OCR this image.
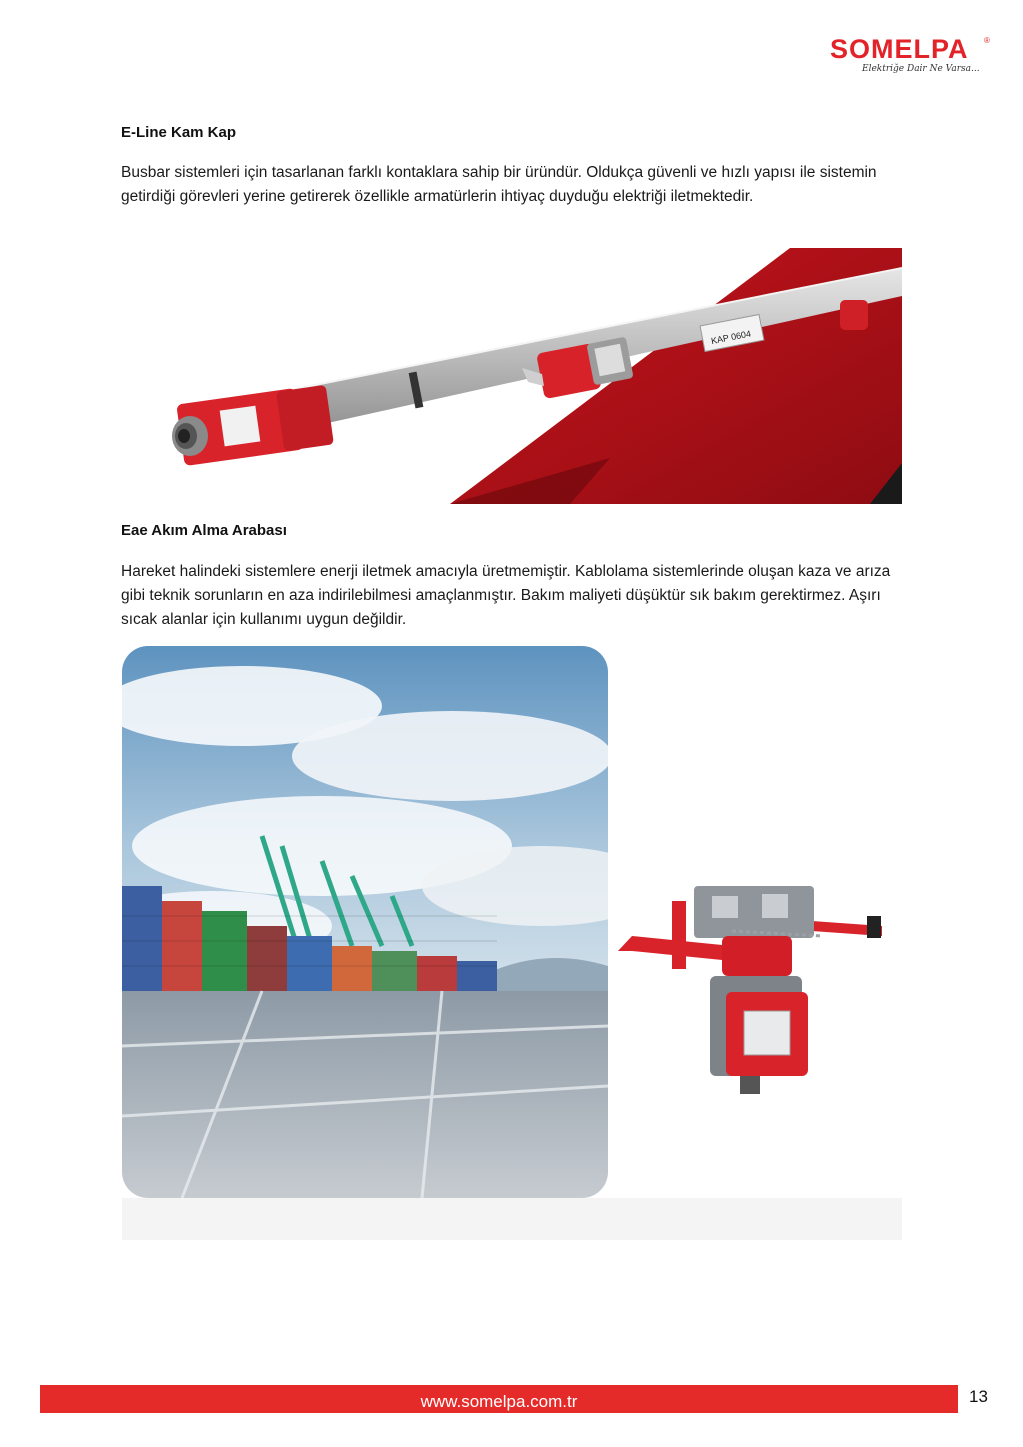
SOMELPA ®
Elektriğe Dair Ne Varsa...
E-Line Kam Kap
Busbar sistemleri için tasarlanan farklı kontaklara sahip bir üründür. Oldukça güvenli ve hızlı yapısı ile sistemin getirdiği görevleri yerine getirerek özellikle armatürlerin ihtiyaç duyduğu elektriği iletmektedir.
KAP 0604
Eae Akım Alma Arabası
Hareket halindeki sistemlere enerji iletmek amacıyla üretmemiştir. Kablolama sistemlerinde oluşan kaza ve arıza gibi teknik sorunların en aza indirilebilmesi amaçlanmıştır. Bakım maliyeti düşüktür sık bakım gerektirmez. Aşırı sıcak alanlar için kullanımı uygun değildir.
www.somelpa.com.tr	13
